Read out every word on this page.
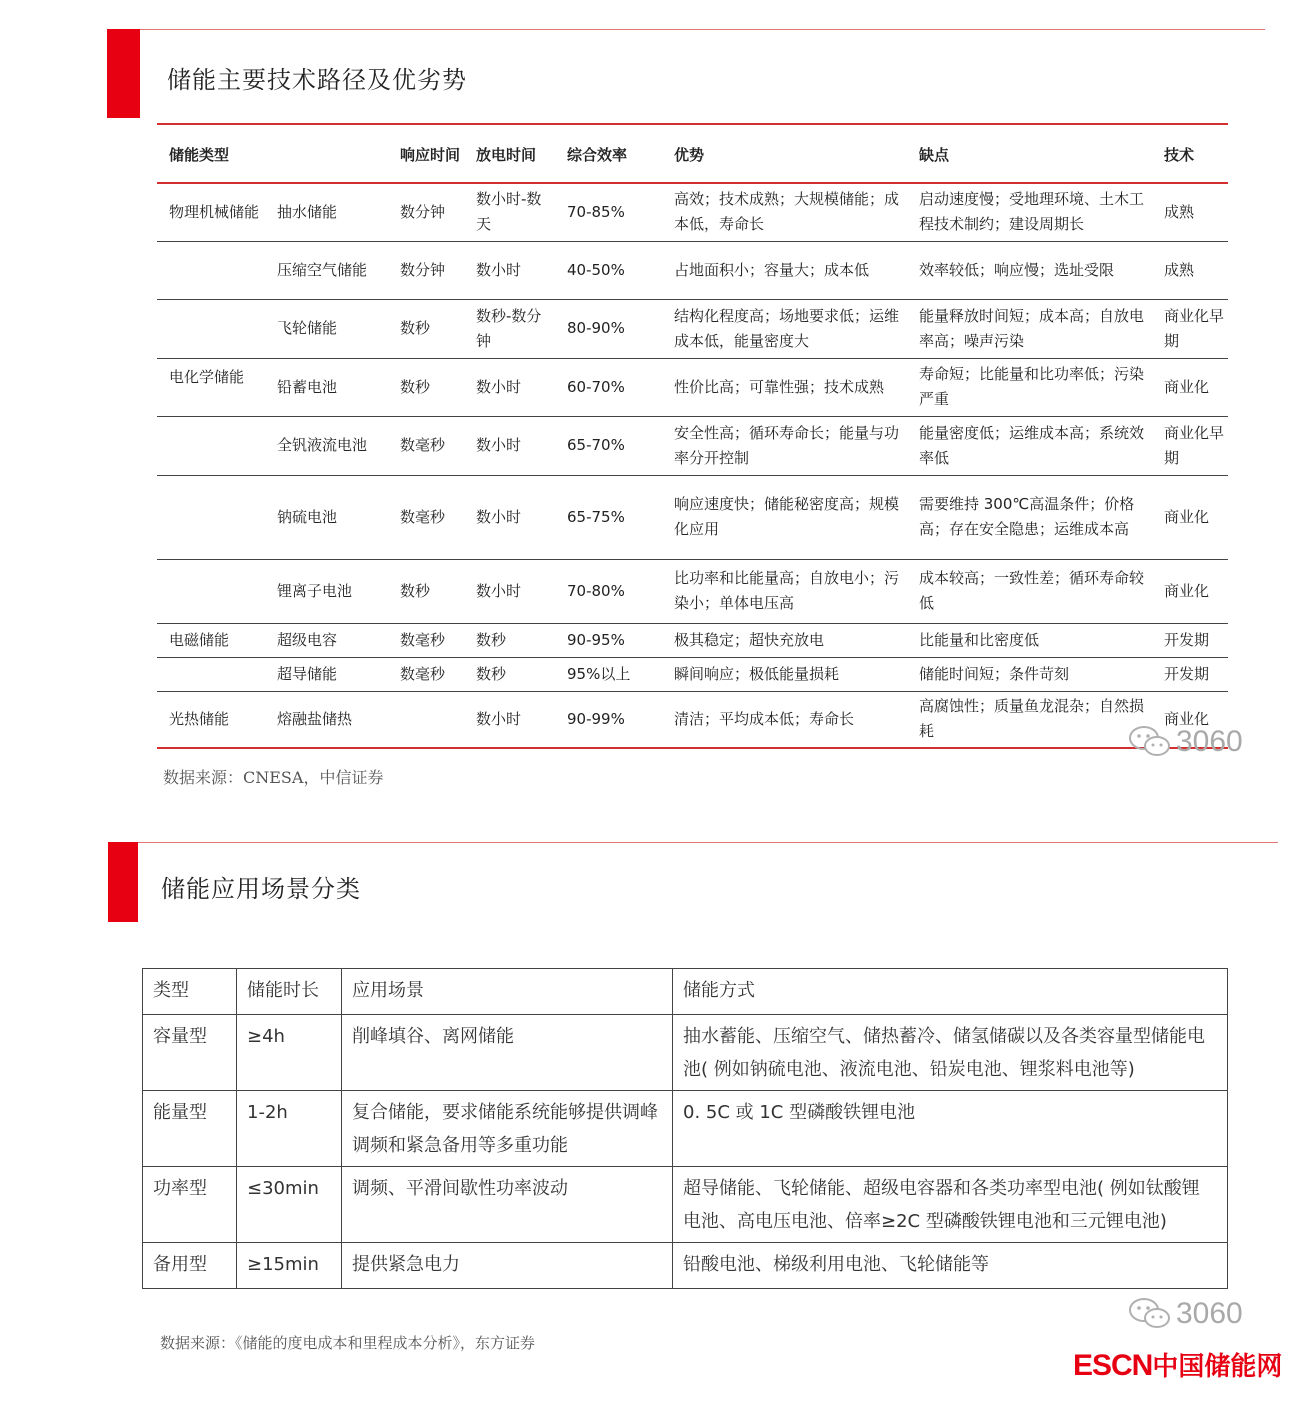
储能主要技术路径及优劣势
储能类型		响应时间	放电时间	综合效率	优势	缺点	技术
物理机械储能	抽水储能	数分钟	数小时-数天	70-85%	高效；技术成熟；大规模储能；成本低，寿命长	启动速度慢；受地理环境、土木工程技术制约；建设周期长	成熟
	压缩空气储能	数分钟	数小时	40-50%	占地面积小；容量大；成本低	效率较低；响应慢；选址受限	成熟
	飞轮储能	数秒	数秒-数分钟	80-90%	结构化程度高；场地要求低；运维成本低，能量密度大	能量释放时间短；成本高；自放电率高；噪声污染	商业化早期
电化学储能	铅蓄电池	数秒	数小时	60-70%	性价比高；可靠性强；技术成熟	寿命短；比能量和比功率低；污染严重	商业化
	全钒液流电池	数毫秒	数小时	65-70%	安全性高；循环寿命长；能量与功率分开控制	能量密度低；运维成本高；系统效率低	商业化早期
	钠硫电池	数毫秒	数小时	65-75%	响应速度快；储能秘密度高；规模化应用	需要维持 300℃高温条件；价格高；存在安全隐患；运维成本高	商业化
	锂离子电池	数秒	数小时	70-80%	比功率和比能量高；自放电小；污染小；单体电压高	成本较高；一致性差；循环寿命较低	商业化
电磁储能	超级电容	数毫秒	数秒	90-95%	极其稳定；超快充放电	比能量和比密度低	开发期
	超导储能	数毫秒	数秒	95%以上	瞬间响应；极低能量损耗	储能时间短；条件苛刻	开发期
光热储能	熔融盐储热		数小时	90-99%	清洁；平均成本低；寿命长	高腐蚀性；质量鱼龙混杂；自然损耗	商业化
数据来源：CNESA，中信证券
3060
储能应用场景分类
类型	储能时长	应用场景	储能方式
容量型	≥4h	削峰填谷、离网储能	抽水蓄能、压缩空气、储热蓄冷、储氢储碳以及各类容量型储能电池( 例如钠硫电池、液流电池、铅炭电池、锂浆料电池等)
能量型	1-2h	复合储能，要求储能系统能够提供调峰调频和紧急备用等多重功能	0. 5C 或 1C 型磷酸铁锂电池
功率型	≤30min	调频、平滑间歇性功率波动	超导储能、飞轮储能、超级电容器和各类功率型电池( 例如钛酸锂电池、高电压电池、倍率≥2C 型磷酸铁锂电池和三元锂电池)
备用型	≥15min	提供紧急电力	铅酸电池、梯级利用电池、飞轮储能等
数据来源：《储能的度电成本和里程成本分析》，东方证券
3060
ESCN中国储能网
